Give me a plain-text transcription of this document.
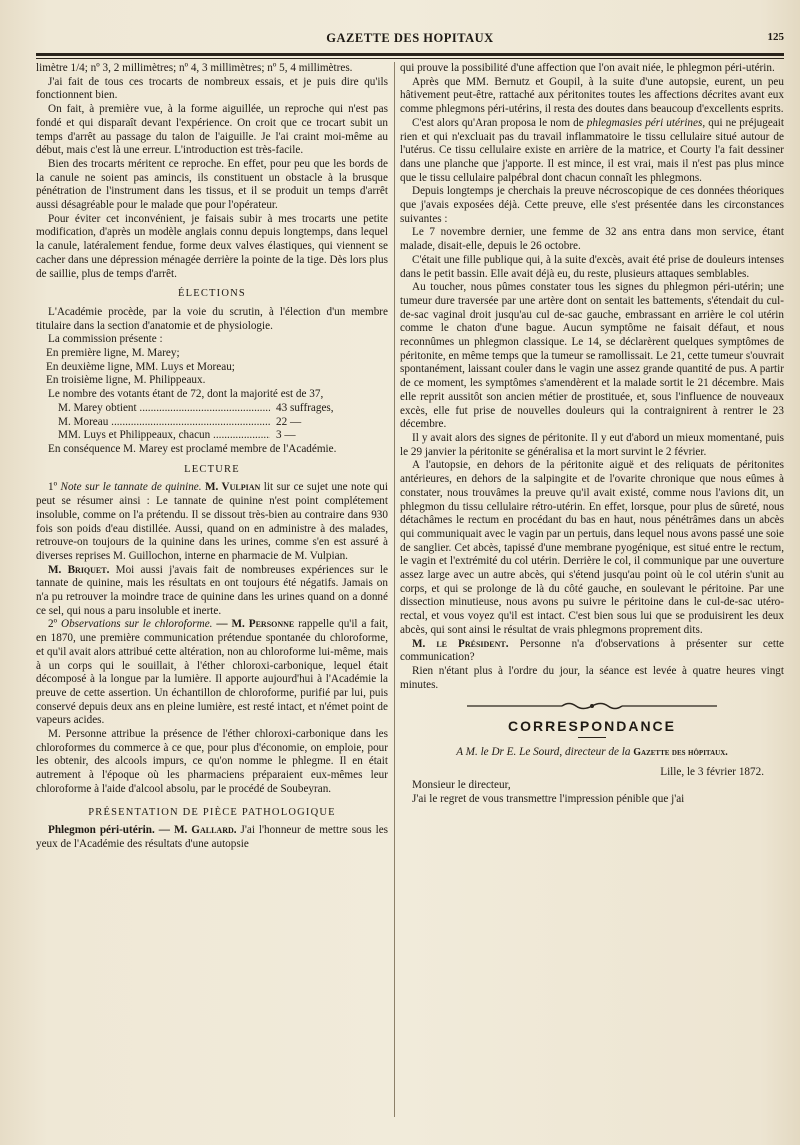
GAZETTE DES HOPITAUX	125

limètre 1/4; nº 3, 2 millimètres; nº 4, 3 millimètres; nº 5, 4 millimètres.

J'ai fait de tous ces trocarts de nombreux essais, et je puis dire qu'ils fonctionnent bien.

On fait, à première vue, à la forme aiguillée, un reproche qui n'est pas fondé et qui disparaît devant l'expérience. On croit que ce trocart subit un temps d'arrêt au passage du talon de l'aiguille. Je l'ai craint moi-même au début, mais c'est là une erreur. L'introduction est très-facile.

Bien des trocarts méritent ce reproche. En effet, pour peu que les bords de la canule ne soient pas amincis, ils constituent un obstacle à la brusque pénétration de l'instrument dans les tissus, et il se produit un temps d'arrêt aussi désagréable pour le malade que pour l'opérateur.

Pour éviter cet inconvénient, je faisais subir à mes trocarts une petite modification, d'après un modèle anglais connu depuis longtemps, dans lequel la canule, latéralement fendue, forme deux valves élastiques, qui viennent se cacher dans une dépression ménagée derrière la pointe de la tige. Dès lors plus de saillie, plus de temps d'arrêt.

ÉLECTIONS

L'Académie procède, par la voie du scrutin, à l'élection d'un membre titulaire dans la section d'anatomie et de physiologie.

La commission présente :

En première ligne, M. Marey;

En deuxième ligne, MM. Luys et Moreau;

En troisième ligne, M. Philippeaux.

Le nombre des votants étant de 72, dont la majorité est de 37,

M. Marey obtient .....	43 suffrages,
M. Moreau .....	22 —
MM. Luys et Philippeaux, chacun .....	3 —

En conséquence M. Marey est proclamé membre de l'Académie.

LECTURE

1º Note sur le tannate de quinine. M. Vulpian lit sur ce sujet une note qui peut se résumer ainsi : Le tannate de quinine n'est point complétement insoluble, comme on l'a prétendu. Il se dissout très-bien au contraire dans 930 fois son poids d'eau distillée. Aussi, quand on en administre à des malades, retrouve-on toujours de la quinine dans les urines, comme s'en est assuré à diverses reprises M. Guillochon, interne en pharmacie de M. Vulpian.

M. Briquet. Moi aussi j'avais fait de nombreuses expériences sur le tannate de quinine, mais les résultats en ont toujours été négatifs. Jamais on n'a pu retrouver la moindre trace de quinine dans les urines quand on a donné ce sel, qui nous a paru insoluble et inerte.

2º Observations sur le chloroforme. — M. Personne rappelle qu'il a fait, en 1870, une première communication prétendue spontanée du chloroforme, et qu'il avait alors attribué cette altération, non au chloroforme lui-même, mais à un corps qui le souillait, à l'éther chloroxi-carbonique, lequel était décomposé à la longue par la lumière. Il apporte aujourd'hui à l'Académie la preuve de cette assertion. Un échantillon de chloroforme, purifié par lui, puis conservé depuis deux ans en pleine lumière, est resté intact, et n'émet point de vapeurs acides.

M. Personne attribue la présence de l'éther chloroxi-carbonique dans les chloroformes du commerce à ce que, pour plus d'économie, on emploie, pour les obtenir, des alcools impurs, ce qu'on nomme le phlegme. Il en était autrement à l'époque où les pharmaciens préparaient eux-mêmes leur chloroforme à l'aide d'alcool absolu, par le procédé de Soubeyran.

PRÉSENTATION DE PIÈCE PATHOLOGIQUE

Phlegmon péri-utérin. — M. Gallard. J'ai l'honneur de mettre sous les yeux de l'Académie des résultats d'une autopsie

qui prouve la possibilité d'une affection que l'on avait niée, le phlegmon péri-utérin.

Après que MM. Bernutz et Goupil, à la suite d'une autopsie, eurent, un peu hâtivement peut-être, rattaché aux péritonites toutes les affections décrites avant eux comme phlegmons péri-utérins, il resta des doutes dans beaucoup d'excellents esprits.

C'est alors qu'Aran proposa le nom de phlegmasies péri utérines, qui ne préjugeait rien et qui n'excluait pas du travail inflammatoire le tissu cellulaire situé autour de l'utérus. Ce tissu cellulaire existe en arrière de la matrice, et Courty l'a fait dessiner dans une planche que j'apporte. Il est mince, il est vrai, mais il n'est pas plus mince que le tissu cellulaire palpébral dont chacun connaît les phlegmons.

Depuis longtemps je cherchais la preuve nécroscopique de ces données théoriques que j'avais exposées déjà. Cette preuve, elle s'est présentée dans les circonstances suivantes :

Le 7 novembre dernier, une femme de 32 ans entra dans mon service, étant malade, disait-elle, depuis le 26 octobre.

C'était une fille publique qui, à la suite d'excès, avait été prise de douleurs intenses dans le petit bassin. Elle avait déjà eu, du reste, plusieurs attaques semblables.

Au toucher, nous pûmes constater tous les signes du phlegmon péri-utérin; une tumeur dure traversée par une artère dont on sentait les battements, s'étendait du cul-de-sac vaginal droit jusqu'au cul de-sac gauche, embrassant en arrière le col utérin comme le chaton d'une bague. Aucun symptôme ne faisait défaut, et nous reconnûmes un phlegmon classique. Le 14, se déclarèrent quelques symptômes de péritonite, en même temps que la tumeur se ramollissait. Le 21, cette tumeur s'ouvrait spontanément, laissant couler dans le vagin une assez grande quantité de pus. A partir de ce moment, les symptômes s'amendèrent et la malade sortit le 21 décembre. Mais elle reprit aussitôt son ancien métier de prostituée, et, sous l'influence de nouveaux excès, elle fut prise de nouvelles douleurs qui la contraignirent à rentrer le 23 décembre.

Il y avait alors des signes de péritonite. Il y eut d'abord un mieux momentané, puis le 29 janvier la péritonite se généralisa et la mort survint le 2 février.

A l'autopsie, en dehors de la péritonite aiguë et des reliquats de péritonites antérieures, en dehors de la salpingite et de l'ovarite chronique que nous eûmes à constater, nous trouvâmes la preuve qu'il avait existé, comme nous l'avions dit, un phlegmon du tissu cellulaire rétro-utérin. En effet, lorsque, pour plus de sûreté, nous détachâmes le rectum en procédant du bas en haut, nous pénétrâmes dans un abcès qui communiquait avec le vagin par un pertuis, dans lequel nous avons passé une soie de sanglier. Cet abcès, tapissé d'une membrane pyogénique, est situé entre le rectum, le vagin et l'extrémité du col utérin. Derrière le col, il communique par une ouverture assez large avec un autre abcès, qui s'étend jusqu'au point où le col utérin s'unit au corps, et qui se prolonge de là du côté gauche, en soulevant le péritoine. Par une dissection minutieuse, nous avons pu suivre le péritoine dans le cul-de-sac utéro-rectal, et vous voyez qu'il est intact. C'est bien sous lui que se produisirent les deux abcès, qui sont ainsi le résultat de vrais phlegmons proprement dits.

M. le Président. Personne n'a d'observations à présenter sur cette communication?

Rien n'étant plus à l'ordre du jour, la séance est levée à quatre heures vingt minutes.

CORRESPONDANCE

A M. le Dr E. Le Sourd, directeur de la Gazette des hôpitaux.

Lille, le 3 février 1872.

Monsieur le directeur,

J'ai le regret de vous transmettre l'impression pénible que j'ai
